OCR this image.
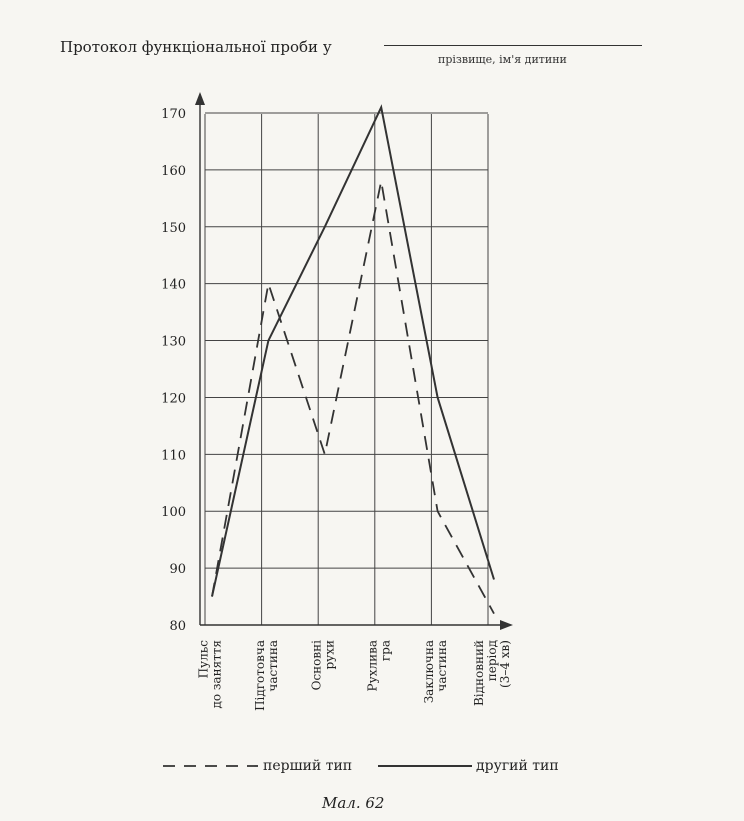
Протокол функціональної проби у
прізвище, ім'я дитини
80
90
100
110
120
130
140
150
160
170
Пульс до заняття Підготовча частина Основні рухи Рухлива гра Заключна частина Відновний період (3–4 хв)
перший тип	другий тип
Мал. 62
